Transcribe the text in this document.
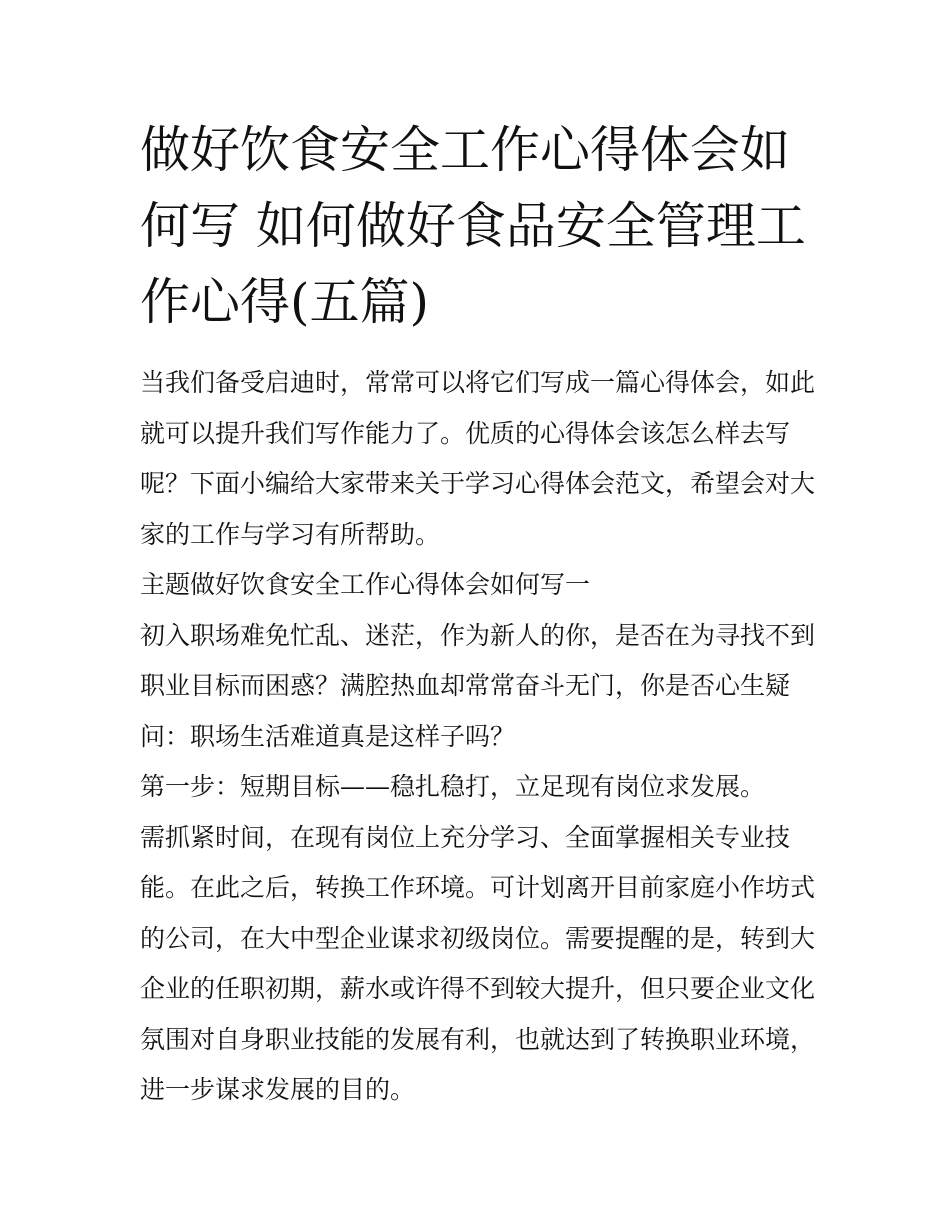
做好饮食安全工作心得体会如何写 如何做好食品安全管理工作心得(五篇)

当我们备受启迪时，常常可以将它们写成一篇心得体会，如此就可以提升我们写作能力了。优质的心得体会该怎么样去写呢？下面小编给大家带来关于学习心得体会范文，希望会对大家的工作与学习有所帮助。

主题做好饮食安全工作心得体会如何写一

初入职场难免忙乱、迷茫，作为新人的你，是否在为寻找不到职业目标而困惑？满腔热血却常常奋斗无门，你是否心生疑问：职场生活难道真是这样子吗？

第一步：短期目标——稳扎稳打，立足现有岗位求发展。

需抓紧时间，在现有岗位上充分学习、全面掌握相关专业技能。在此之后，转换工作环境。可计划离开目前家庭小作坊式的公司，在大中型企业谋求初级岗位。需要提醒的是，转到大企业的任职初期，薪水或许得不到较大提升，但只要企业文化氛围对自身职业技能的发展有利，也就达到了转换职业环境，进一步谋求发展的目的。
